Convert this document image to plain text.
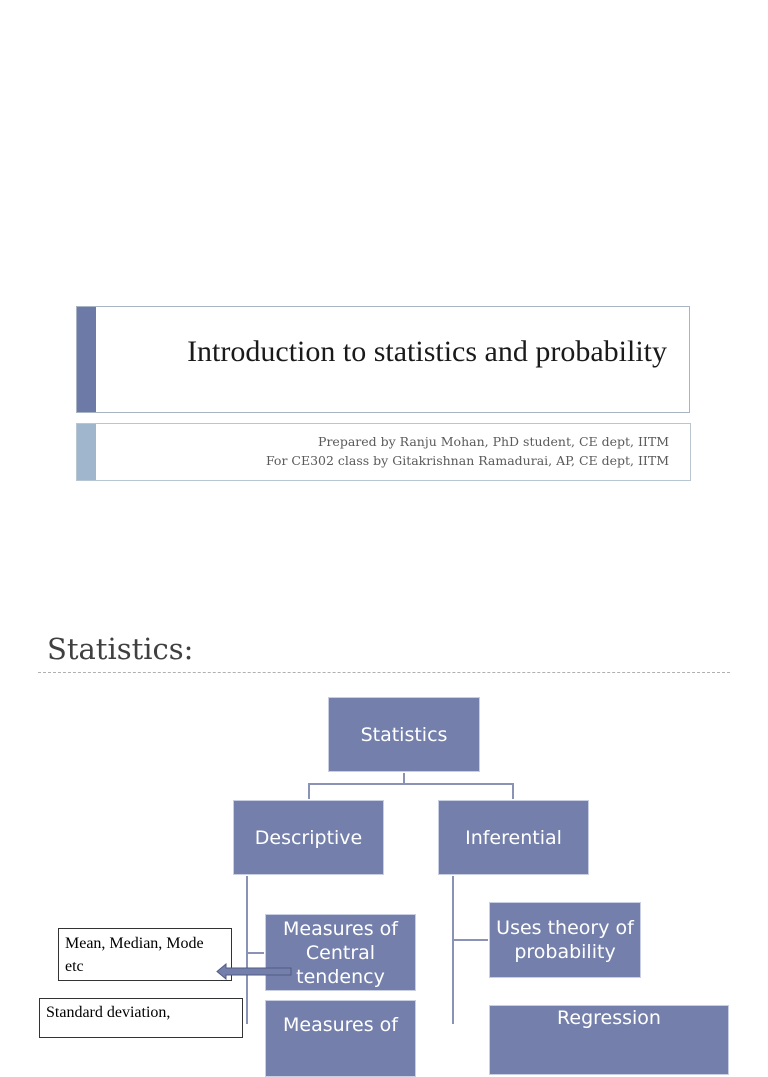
Introduction to statistics and probability
Prepared by Ranju Mohan, PhD student, CE dept, IITM
For CE302 class by Gitakrishnan Ramadurai, AP, CE dept, IITM
Statistics:
Statistics
Descriptive	Inferential
Measures of Central tendency
Measures of
Uses theory of probability
Regression
Mean, Median, Mode etc
Standard deviation,
